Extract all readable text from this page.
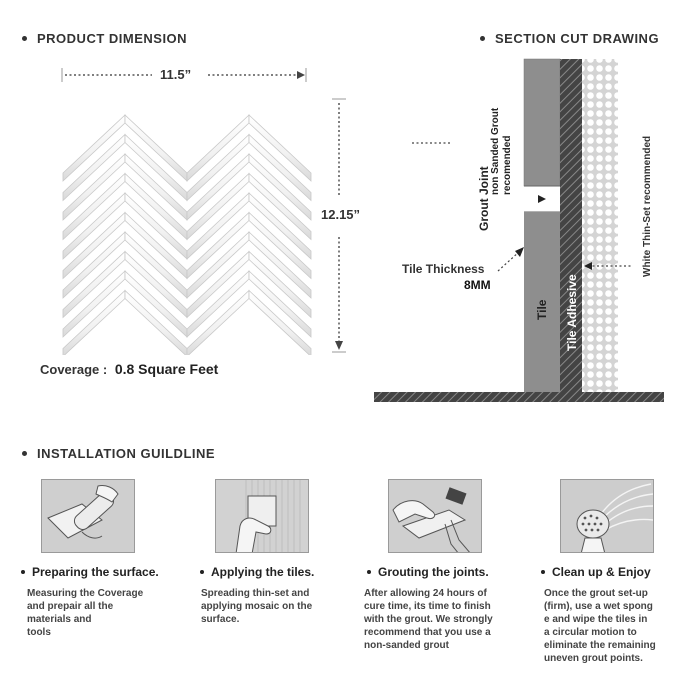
PRODUCT DIMENSION
11.5”
12.15”
Coverage : 0.8 Square Feet
SECTION CUT DRAWING
Grout Joint
non Sanded Grout recomended
Tile Tile Adhesive
White Thin-Set recommended
Tile Thickness
8MM
INSTALLATION GUILDLINE
Preparing the surface.
Measuring the Coverage
and prepair all the
materials and
tools
Applying the tiles.
Spreading thin-set and
applying mosaic on the
surface.
Grouting the joints.
After allowing 24 hours of
cure time, its time to finish
with the grout. We strongly
recommend that you use a
non-sanded grout
Clean up & Enjoy
Once the grout set-up
(firm), use a wet spong
e and wipe the tiles in
a circular motion to
eliminate the remaining
uneven grout points.
